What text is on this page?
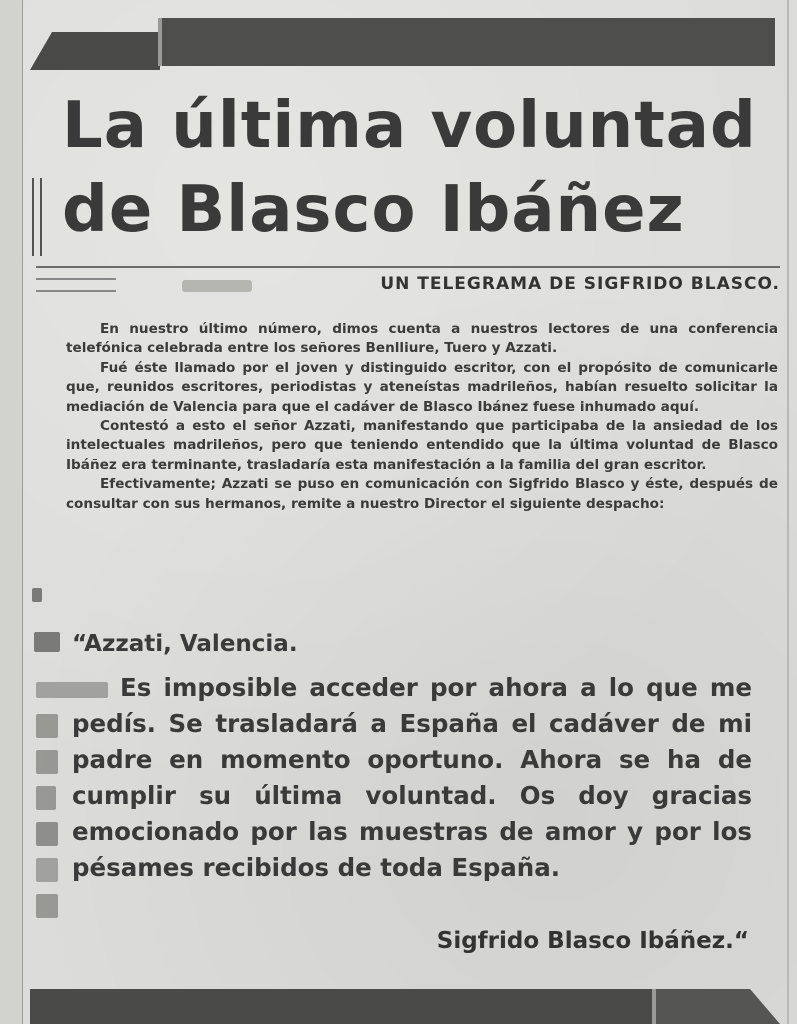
La última voluntad
de Blasco Ibáñez
UN TELEGRAMA DE SIGFRIDO BLASCO.

En nuestro último número, dimos cuenta a nuestros lectores de una conferencia telefónica celebrada entre los señores Benlliure, Tuero y Azzati.

Fué éste llamado por el joven y distinguido escritor, con el propósito de comunicarle que, reunidos escritores, periodistas y ateneístas madrileños, habían resuelto solicitar la mediación de Valencia para que el cadáver de Blasco Ibánez fuese inhumado aquí.

Contestó a esto el señor Azzati, manifestando que participaba de la ansiedad de los intelectuales madrileños, pero que teniendo entendido que la última voluntad de Blasco Ibáñez era terminante, trasladaría esta manifestación a la familia del gran escritor.

Efectivamente; Azzati se puso en comunicación con Sigfrido Blasco y éste, después de consultar con sus hermanos, remite a nuestro Director el siguiente despacho:

“Azzati, Valencia.

Es imposible acceder por ahora a lo que me pedís. Se trasladará a España el cadáver de mi padre en momento oportuno. Ahora se ha de cumplir su última voluntad. Os doy gracias emocionado por las muestras de amor y por los pésames recibidos de toda España.

Sigfrido Blasco Ibáñez.“
